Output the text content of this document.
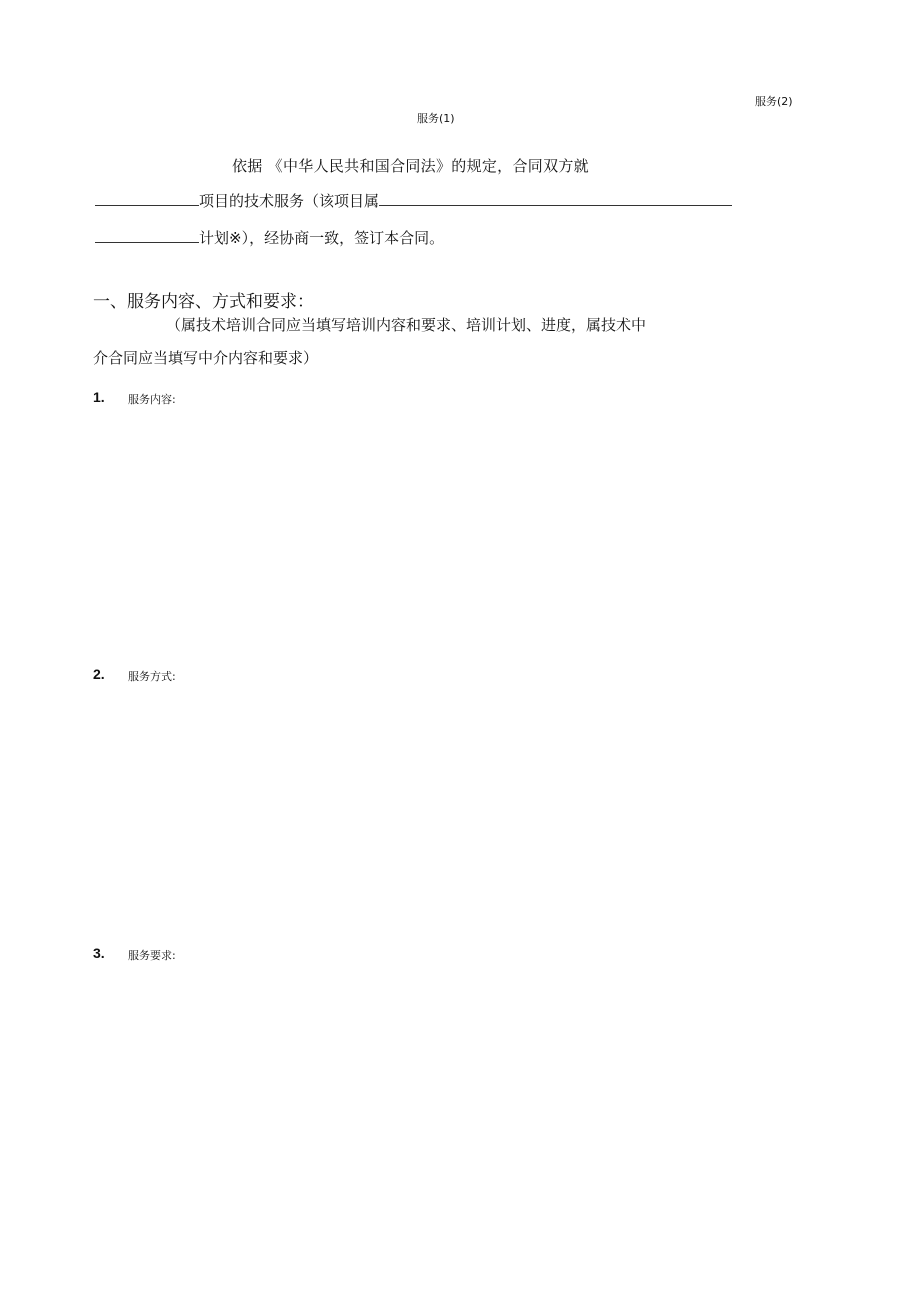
服务(2)
服务(1)
依据 《中华人民共和国合同法》的规定，合同双方就
项目的技术服务（该项目属
计划※），经协商一致，签订本合同。
一、服务内容、方式和要求：
（属技术培训合同应当填写培训内容和要求、培训计划、进度，属技术中
介合同应当填写中介内容和要求）
1. 服务内容:
2. 服务方式:
3. 服务要求:
